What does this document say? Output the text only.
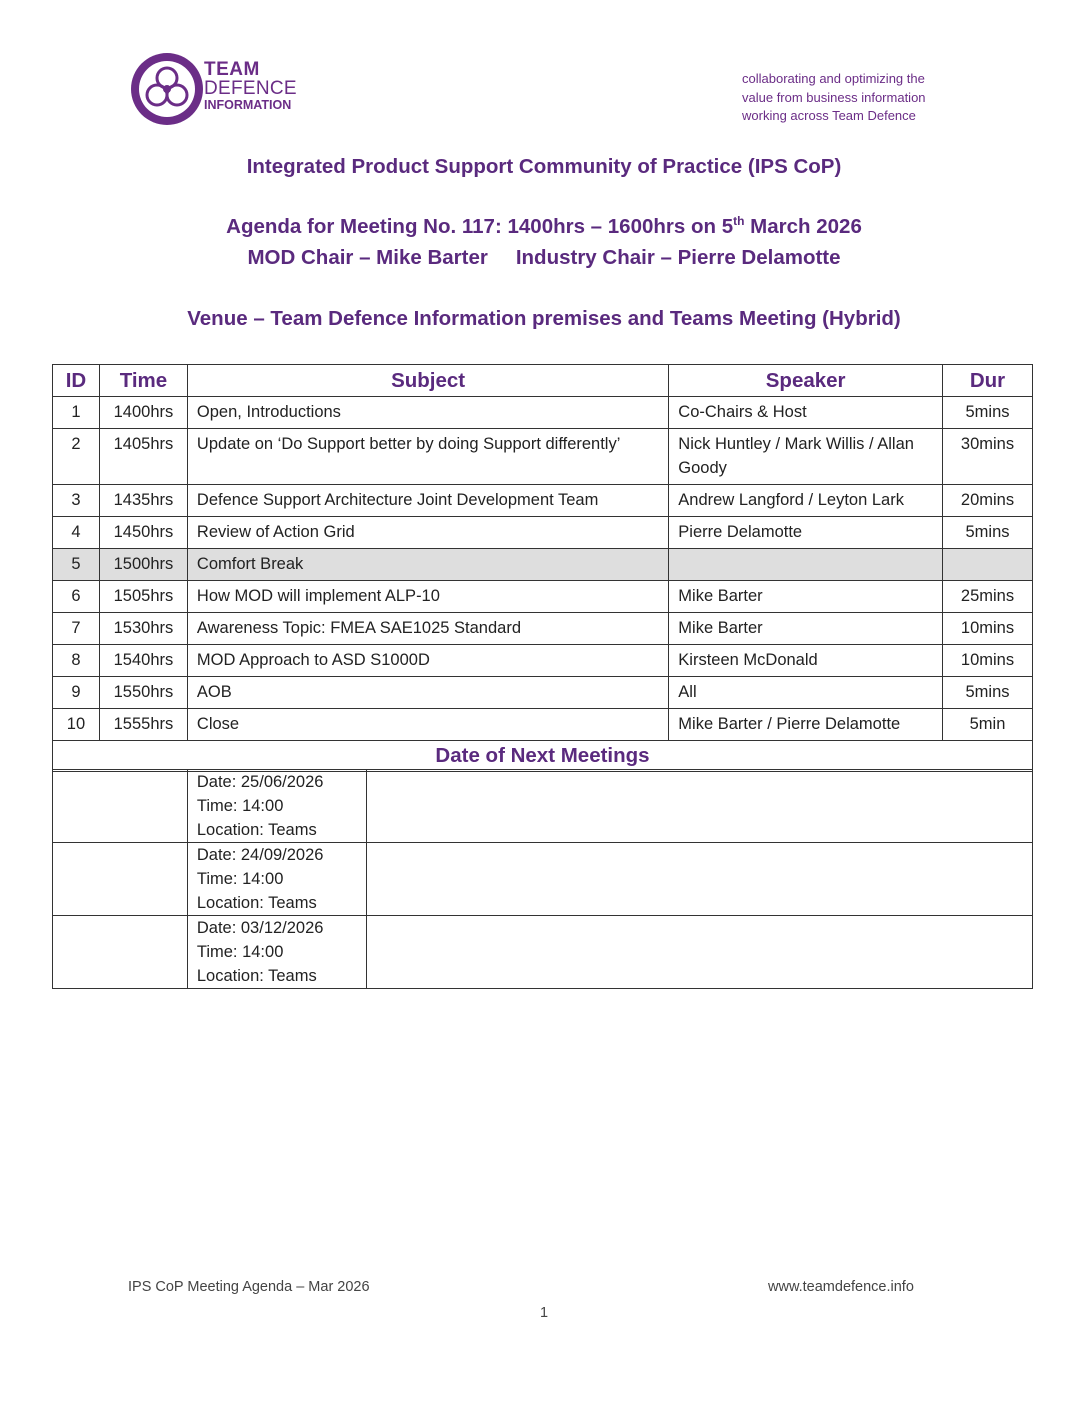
TEAM
DEFENCE
INFORMATION
collaborating and optimizing the
value from business information
working across Team Defence
Integrated Product Support Community of Practice (IPS CoP)
Agenda for Meeting No. 117: 1400hrs – 1600hrs on 5th March 2026
MOD Chair – Mike Barter Industry Chair – Pierre Delamotte
Venue – Team Defence Information premises and Teams Meeting (Hybrid)
ID	Time	Subject	Speaker	Dur
1	1400hrs	Open, Introductions	Co-Chairs & Host	5mins
2	1405hrs	Update on ‘Do Support better by doing Support differently’	Nick Huntley / Mark Willis / Allan Goody	30mins
3	1435hrs	Defence Support Architecture Joint Development Team	Andrew Langford / Leyton Lark	20mins
4	1450hrs	Review of Action Grid	Pierre Delamotte	5mins
5	1500hrs	Comfort Break		
6	1505hrs	How MOD will implement ALP-10	Mike Barter	25mins
7	1530hrs	Awareness Topic: FMEA SAE1025 Standard	Mike Barter	10mins
8	1540hrs	MOD Approach to ASD S1000D	Kirsteen McDonald	10mins
9	1550hrs	AOB	All	5mins
10	1555hrs	Close	Mike Barter / Pierre Delamotte	5min
Date of Next Meetings				

	Date: 25/06/2026
Time: 14:00
Location: Teams	

	Date: 24/09/2026
Time: 14:00
Location: Teams	

	Date: 03/12/2026
Time: 14:00
Location: Teams	

IPS CoP Meeting Agenda – Mar 2026	www.teamdefence.info
1
